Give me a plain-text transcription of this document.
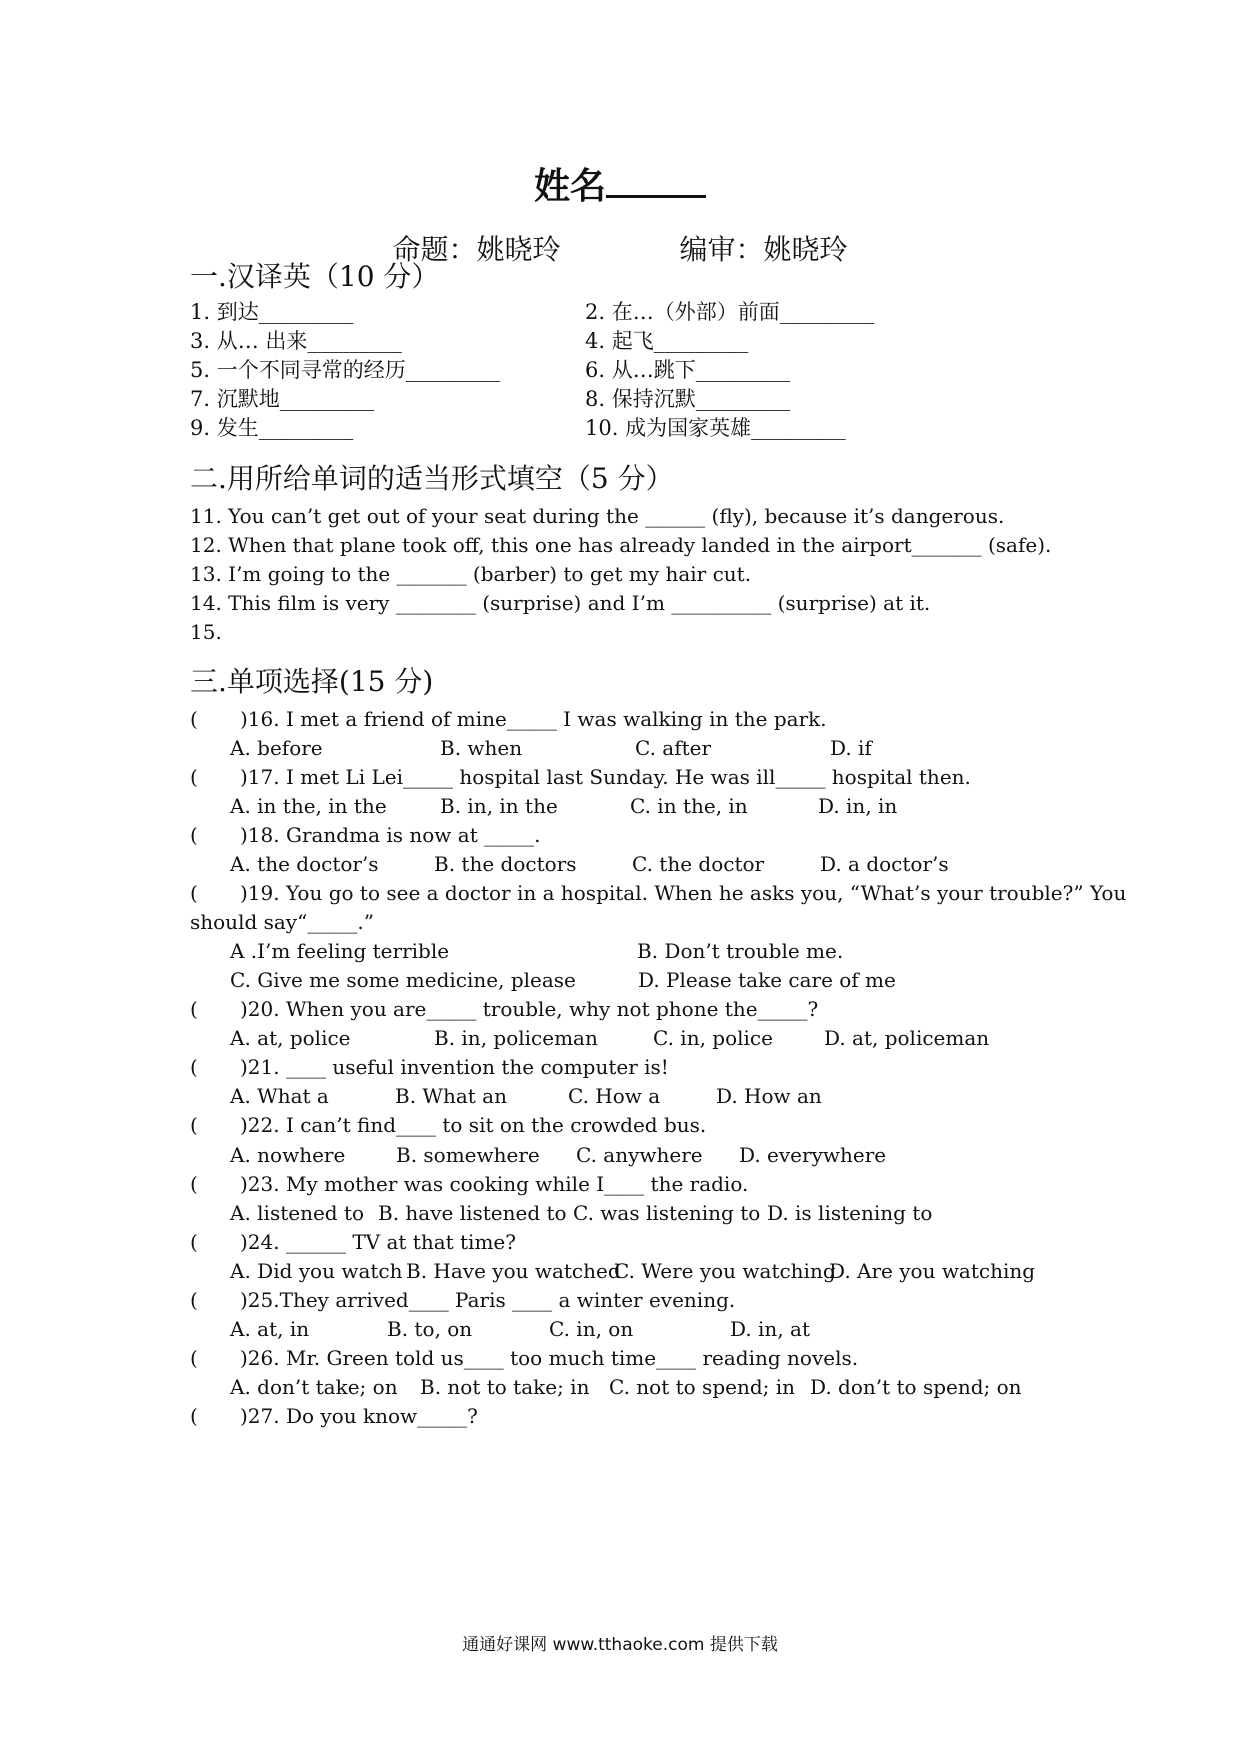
姓名
命题：姚晓玲	编审：姚晓玲
一.汉译英（10 分）
1. 到达_________	2. 在…（外部）前面_________
3. 从… 出来_________	4. 起飞_________
5. 一个不同寻常的经历_________	6. 从…跳下_________
7. 沉默地_________	8. 保持沉默_________
9. 发生_________	10. 成为国家英雄_________
二.用所给单词的适当形式填空（5 分）
11. You can’t get out of your seat during the ______ (fly), because it’s dangerous.
12. When that plane took off, this one has already landed in the airport_______ (safe).
13. I’m going to the _______ (barber) to get my hair cut.
14. This film is very ________ (surprise) and I’m __________ (surprise) at it.
15.
三.单项选择(15 分)
( )16. I met a friend of mine_____ I was walking in the park.
A. before	B. when	C. after	D. if
( )17. I met Li Lei_____ hospital last Sunday. He was ill_____ hospital then.
A. in the, in the	B. in, in the	C. in the, in	D. in, in
( )18. Grandma is now at _____.
A. the doctor’s	B. the doctors	C. the doctor	D. a doctor’s
( )19. You go to see a doctor in a hospital. When he asks you, “What’s your trouble?” You
should say“_____.”
A .I’m feeling terrible	B. Don’t trouble me.
C. Give me some medicine, please	D. Please take care of me
( )20. When you are_____ trouble, why not phone the_____?
A. at, police	B. in, policeman	C. in, police	D. at, policeman
( )21. ____ useful invention the computer is!
A. What a	B. What an	C. How a	D. How an
( )22. I can’t find____ to sit on the crowded bus.
A. nowhere	B. somewhere C. anywhere D. everywhere
( )23. My mother was cooking while I____ the radio.
A. listened to B. have listened to C. was listening to D. is listening to
( )24. ______ TV at that time?
A. Did you watch B. Have you watched
C. Were you watching
D. Are you watching
( )25.They arrived____ Paris ____ a winter evening.
A. at, in	B. to, on	C. in, on	D. in, at
( )26. Mr. Green told us____ too much time____ reading novels.
A. don’t take; on B. not to take; in C. not to spend; in D. don’t to spend; on
( )27. Do you know_____?
通通好课网 www.tthaoke.com 提供下载
